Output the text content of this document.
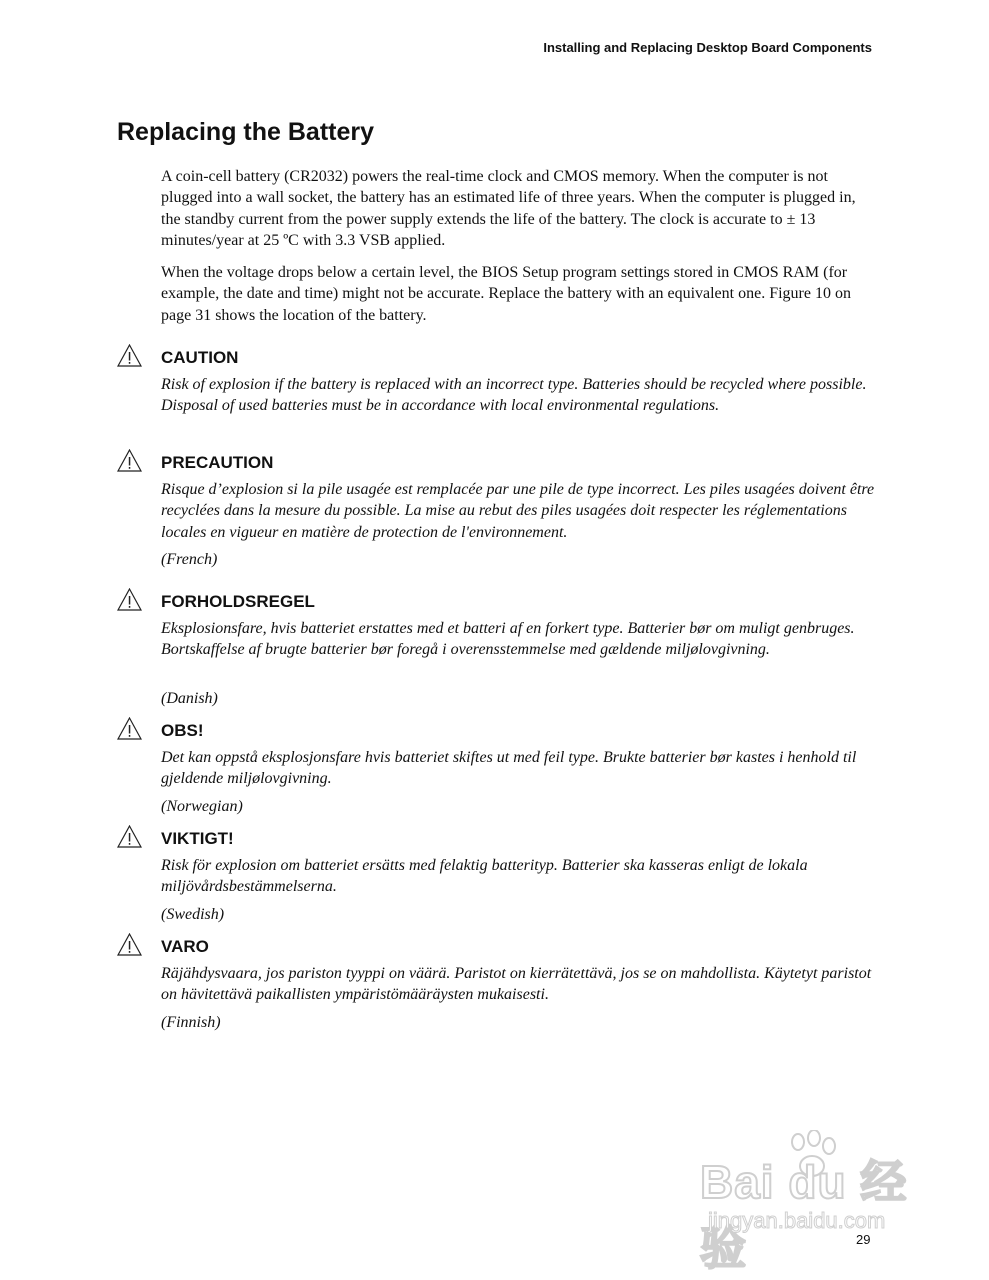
Installing and Replacing Desktop Board Components
Replacing the Battery

A coin-cell battery (CR2032) powers the real-time clock and CMOS memory. When the computer is not plugged into a wall socket, the battery has an estimated life of three years. When the computer is plugged in, the standby current from the power supply extends the life of the battery. The clock is accurate to ± 13 minutes/year at 25 ºC with 3.3 VSB applied.

When the voltage drops below a certain level, the BIOS Setup program settings stored in CMOS RAM (for example, the date and time) might not be accurate. Replace the battery with an equivalent one. Figure 10 on page 31 shows the location of the battery.

CAUTION

Risk of explosion if the battery is replaced with an incorrect type. Batteries should be recycled where possible. Disposal of used batteries must be in accordance with local environmental regulations.

PRECAUTION

Risque d’explosion si la pile usagée est remplacée par une pile de type incorrect. Les piles usagées doivent être recyclées dans la mesure du possible. La mise au rebut des piles usagées doit respecter les réglementations locales en vigueur en matière de protection de l'environnement.

(French)

FORHOLDSREGEL

Eksplosionsfare, hvis batteriet erstattes med et batteri af en forkert type. Batterier bør om muligt genbruges. Bortskaffelse af brugte batterier bør foregå i overensstemmelse med gældende miljølovgivning.

(Danish)

OBS!

Det kan oppstå eksplosjonsfare hvis batteriet skiftes ut med feil type. Brukte batterier bør kastes i henhold til gjeldende miljølovgivning.

(Norwegian)

VIKTIGT!

Risk för explosion om batteriet ersätts med felaktig batterityp. Batterier ska kasseras enligt de lokala miljövårdsbestämmelserna.

(Swedish)

VARO

Räjähdysvaara, jos pariston tyyppi on väärä. Paristot on kierrätettävä, jos se on mahdollista. Käytetyt paristot on hävitettävä paikallisten ympäristömääräysten mukaisesti.

(Finnish)

Bai du 经验
jingyan.baidu.com
29
